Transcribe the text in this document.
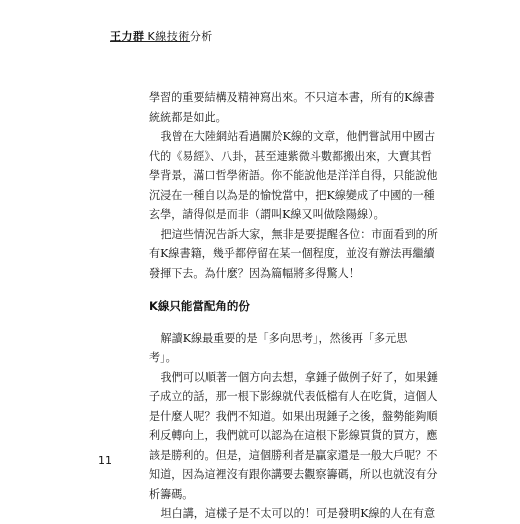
王力群 K線技術分析

學習的重要結構及精神寫出來。不只這本書，所有的K線書
統統都是如此。

我曾在大陸網站看過關於K線的文章，他們嘗試用中國古
代的《易經》、八卦，甚至連紫微斗數都搬出來，大賣其哲
學背景，滿口哲學術語。你不能說他是洋洋自得，只能說他
沉浸在一種自以為是的愉悅當中，把K線變成了中國的一種
玄學，請得似是而非（謂叫K線又叫做陰陽線）。

把這些情況告訴大家，無非是要提醒各位：市面看到的所
有K線書籍，幾乎都停留在某一個程度，並沒有辦法再繼續
發揮下去。為什麼？因為篇幅將多得驚人！

K線只能當配角的份

解讀K線最重要的是「多向思考」，然後再「多元思
考」。

我們可以順著一個方向去想，拿錘子做例子好了，如果錘
子成立的話，那一根下影線就代表低檔有人在吃貨，這個人
是什麼人呢？我們不知道。如果出現錘子之後，盤勢能夠順
利反轉向上，我們就可以認為在這根下影線買貨的買方，應
該是勝利的。但是，這個勝利者是贏家還是一般大戶呢？不
知道，因為這裡沒有跟你講要去觀察籌碼，所以也就沒有分
析籌碼。

坦白講，這樣子是不太可以的！可是發明K線的人在有意

11
